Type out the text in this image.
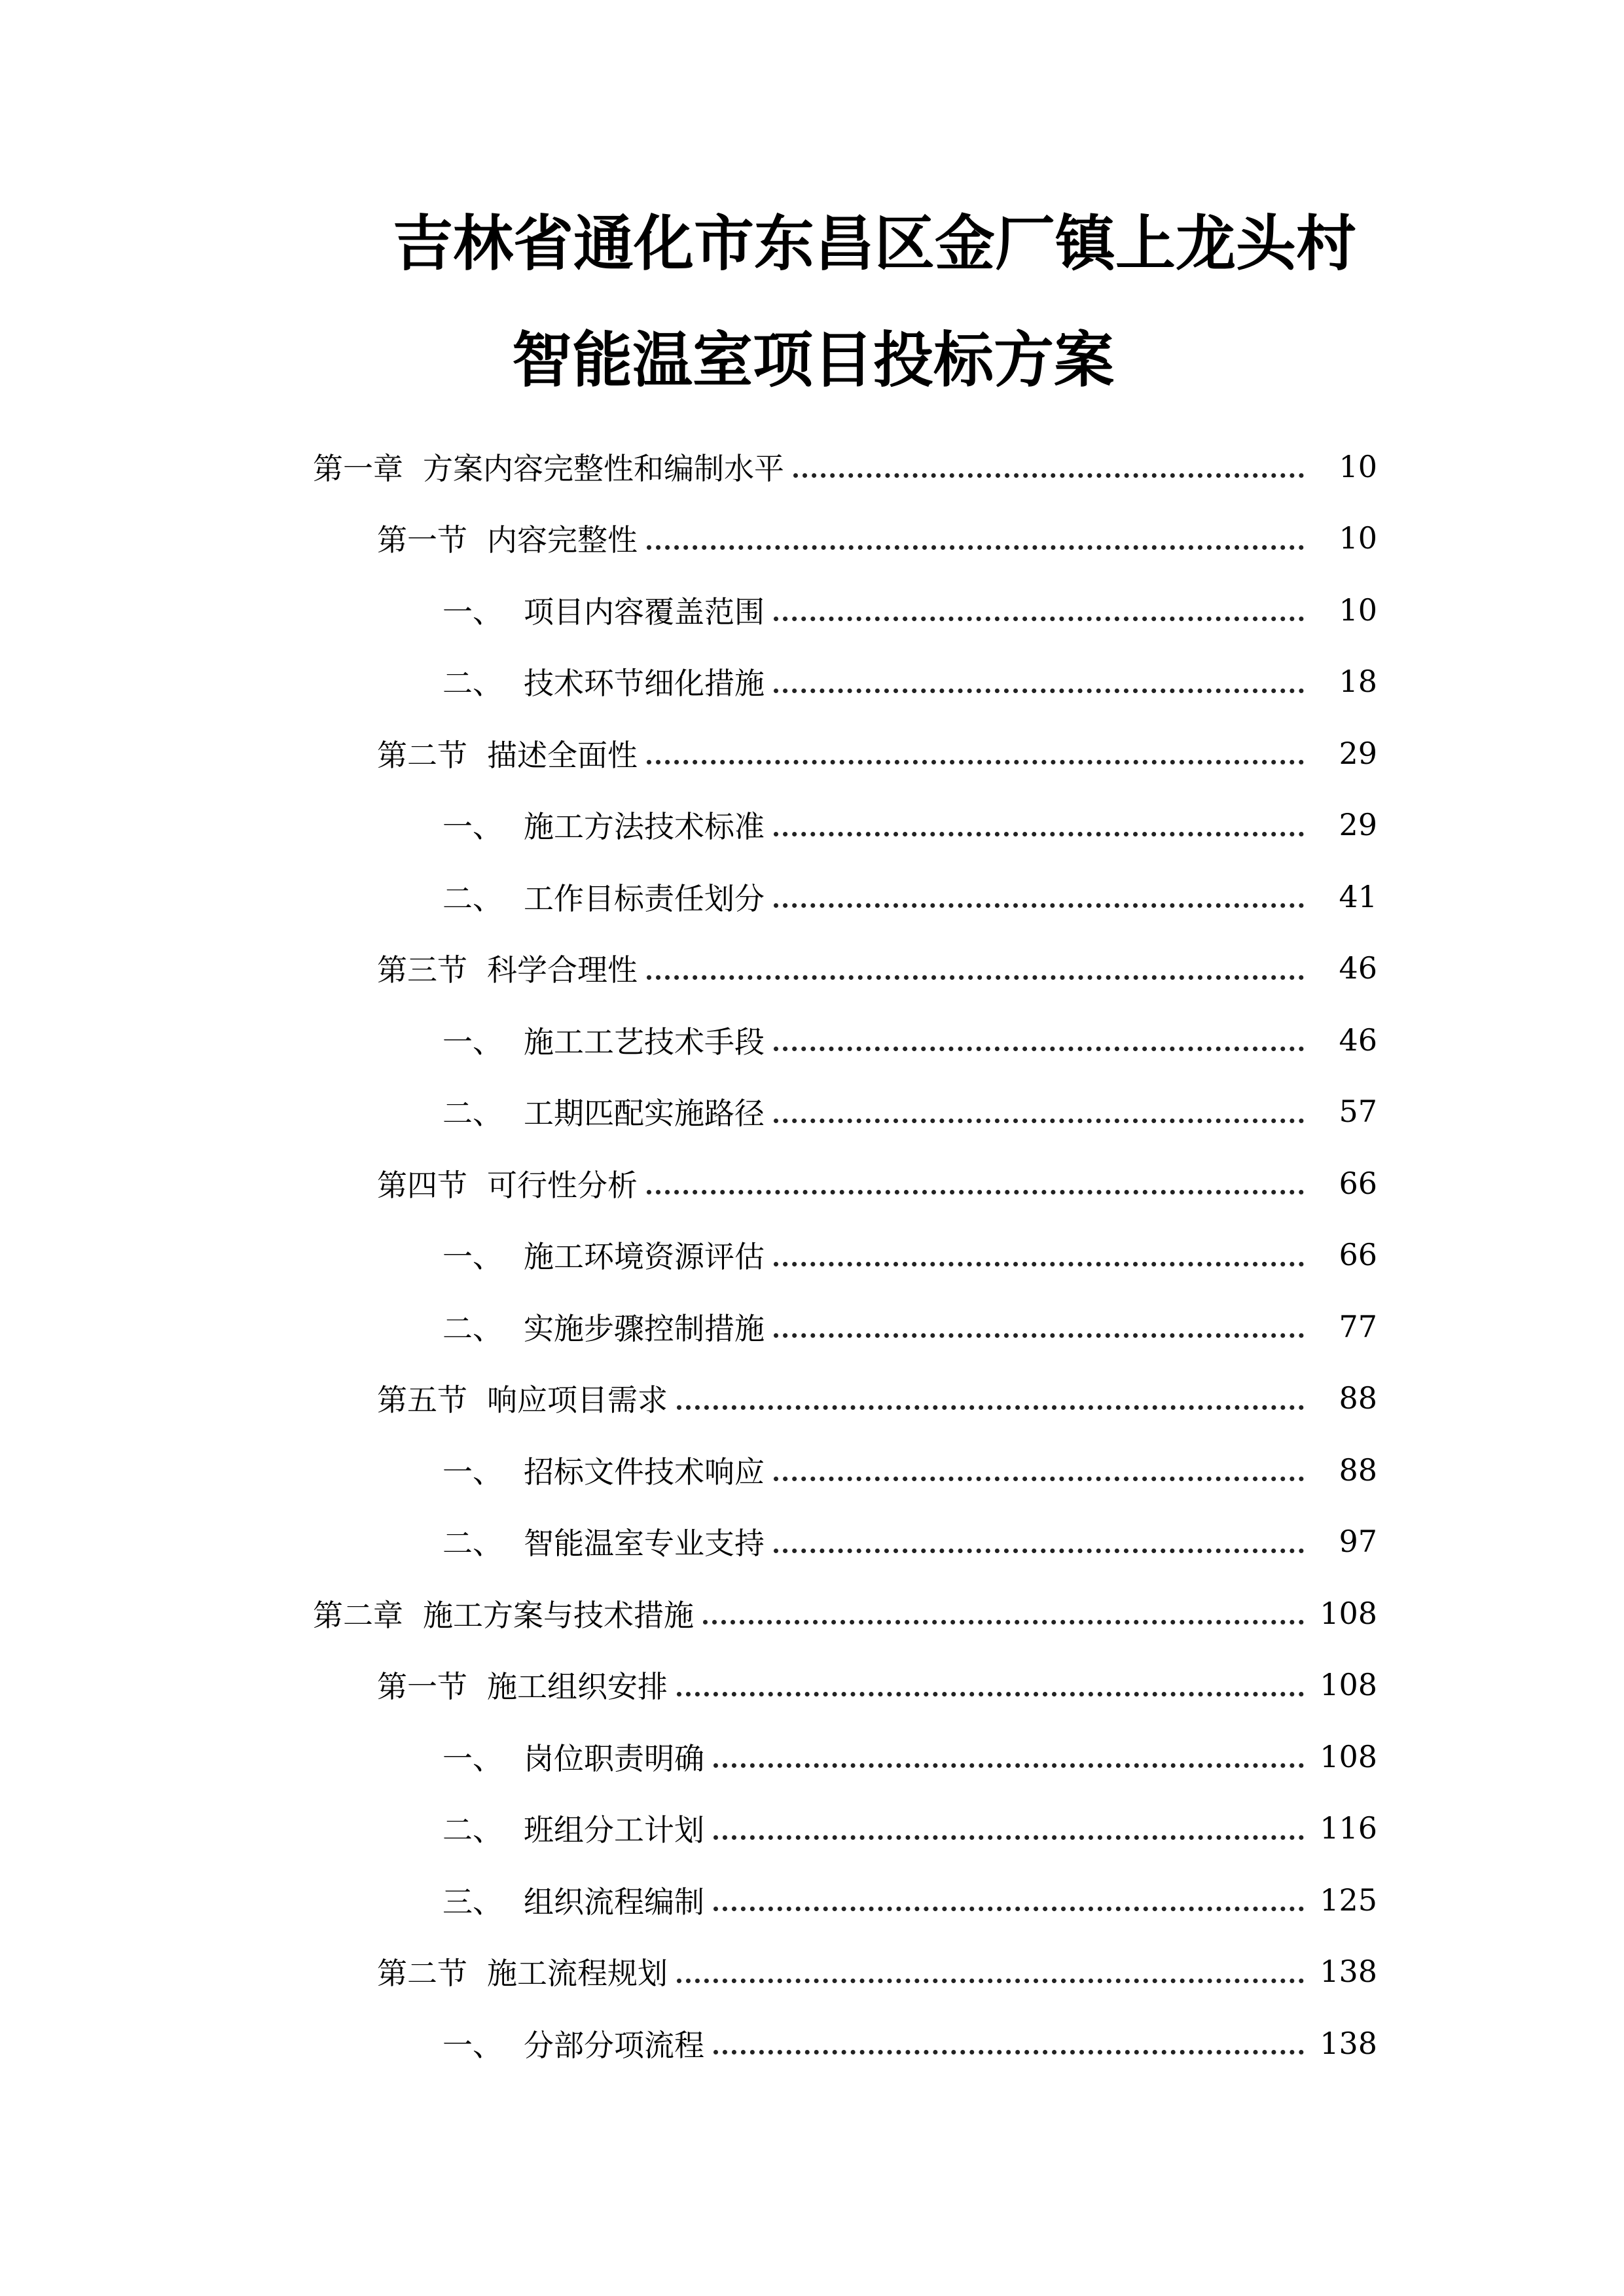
吉林省通化市东昌区金厂镇上龙头村
智能温室项目投标方案
第一章 方案内容完整性和编制水平	10
第一节 内容完整性	10
一、 项目内容覆盖范围	10
二、 技术环节细化措施	18
第二节 描述全面性	29
一、 施工方法技术标准	29
二、 工作目标责任划分	41
第三节 科学合理性	46
一、 施工工艺技术手段	46
二、 工期匹配实施路径	57
第四节 可行性分析	66
一、 施工环境资源评估	66
二、 实施步骤控制措施	77
第五节 响应项目需求	88
一、 招标文件技术响应	88
二、 智能温室专业支持	97
第二章 施工方案与技术措施	108
第一节 施工组织安排	108
一、 岗位职责明确	108
二、 班组分工计划	116
三、 组织流程编制	125
第二节 施工流程规划	138
一、 分部分项流程	138
